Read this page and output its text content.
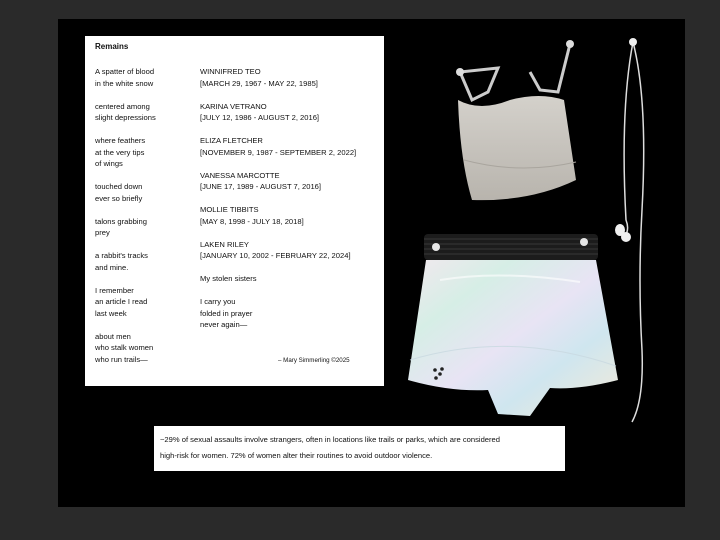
Remains
A spatter of blood
in the white snow
centered among
slight depressions
where feathers
at the very tips
of wings
touched down
ever so briefly
talons grabbing
prey
a rabbit's tracks
and mine.
I remember
an article I read
last week
about men
who stalk women
who run trails—
WINNIFRED TEO
[MARCH 29, 1967 - MAY 22, 1985]
KARINA VETRANO
[JULY 12, 1986 - AUGUST 2, 2016]
ELIZA FLETCHER
[NOVEMBER 9, 1987 - SEPTEMBER 2, 2022]
VANESSA MARCOTTE
[JUNE 17, 1989 - AUGUST 7, 2016]
MOLLIE TIBBITS
[MAY 8, 1998 - JULY 18, 2018]
LAKEN RILEY
[JANUARY 10, 2002 - FEBRUARY 22, 2024]
My stolen sisters

I carry you
folded in prayer
never again—
– Mary Simmerling ©2025
~29% of sexual assaults involve strangers, often in locations like trails or parks, which are considered
high-risk for women. 72% of women alter their routines to avoid outdoor violence.
